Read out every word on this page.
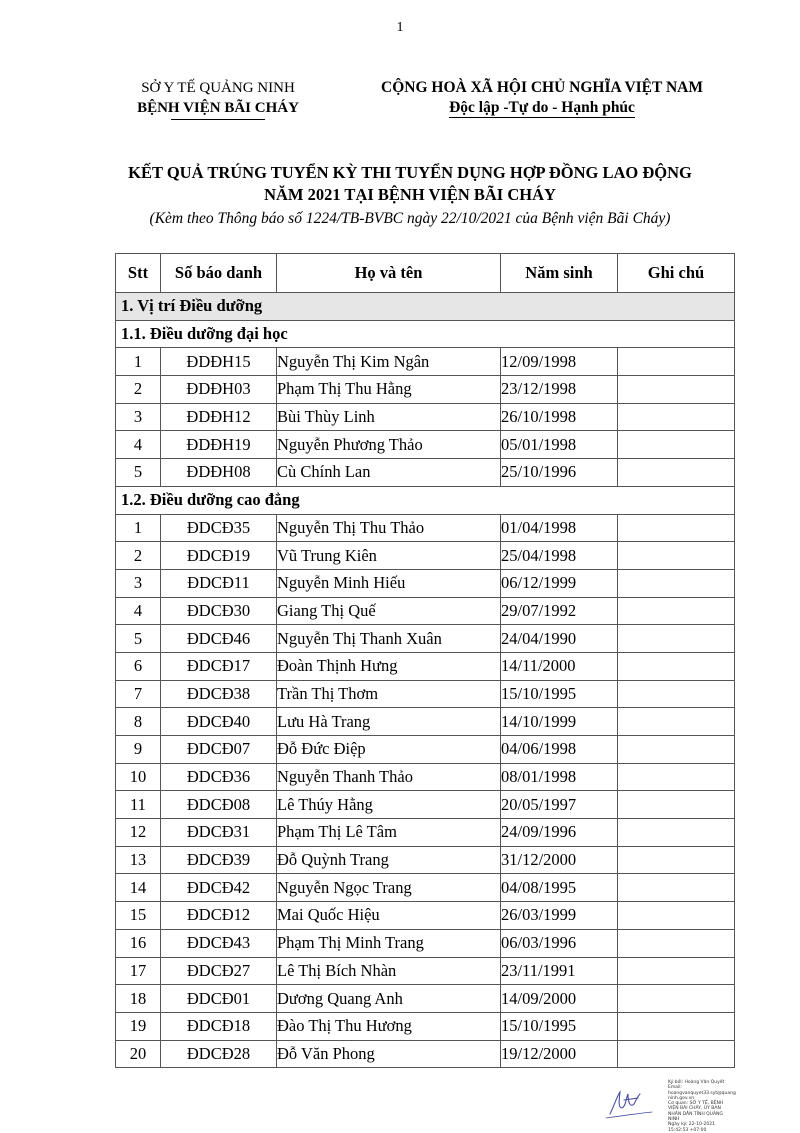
1
SỞ Y TẾ QUẢNG NINH
BỆNH VIỆN BÃI CHÁY
CỘNG HOÀ XÃ HỘI CHỦ NGHĨA VIỆT NAM
Độc lập -Tự do - Hạnh phúc
KẾT QUẢ TRÚNG TUYỂN KỲ THI TUYỂN DỤNG HỢP ĐỒNG LAO ĐỘNG
NĂM 2021 TẠI BỆNH VIỆN BÃI CHÁY
(Kèm theo Thông báo số 1224/TB-BVBC ngày 22/10/2021 của Bệnh viện Bãi Cháy)
Stt	Số báo danh	Họ và tên	Năm sinh	Ghi chú
1. Vị trí Điều dưỡng				
1.1. Điều dưỡng đại học				
1	ĐDĐH15	Nguyễn Thị Kim Ngân	12/09/1998	
2	ĐDĐH03	Phạm Thị Thu Hằng	23/12/1998	
3	ĐDĐH12	Bùi Thùy Linh	26/10/1998	
4	ĐDĐH19	Nguyễn Phương Thảo	05/01/1998	
5	ĐDĐH08	Cù Chính Lan	25/10/1996	
1.2. Điều dưỡng cao đẳng				
1	ĐDCĐ35	Nguyễn Thị Thu Thảo	01/04/1998	
2	ĐDCĐ19	Vũ Trung Kiên	25/04/1998	
3	ĐDCĐ11	Nguyễn Minh Hiếu	06/12/1999	
4	ĐDCĐ30	Giang Thị Quế	29/07/1992	
5	ĐDCĐ46	Nguyễn Thị Thanh Xuân	24/04/1990	
6	ĐDCĐ17	Đoàn Thịnh Hưng	14/11/2000	
7	ĐDCĐ38	Trần Thị Thơm	15/10/1995	
8	ĐDCĐ40	Lưu Hà Trang	14/10/1999	
9	ĐDCĐ07	Đỗ Đức Điệp	04/06/1998	
10	ĐDCĐ36	Nguyễn Thanh Thảo	08/01/1998	
11	ĐDCĐ08	Lê Thúy Hằng	20/05/1997	
12	ĐDCĐ31	Phạm Thị Lê Tâm	24/09/1996	
13	ĐDCĐ39	Đỗ Quỳnh Trang	31/12/2000	
14	ĐDCĐ42	Nguyễn Ngọc Trang	04/08/1995	
15	ĐDCĐ12	Mai Quốc Hiệu	26/03/1999	
16	ĐDCĐ43	Phạm Thị Minh Trang	06/03/1996	
17	ĐDCĐ27	Lê Thị Bích Nhàn	23/11/1991	
18	ĐDCĐ01	Dương Quang Anh	14/09/2000	
19	ĐDCĐ18	Đào Thị Thu Hương	15/10/1995	
20	ĐDCĐ28	Đỗ Văn Phong	19/12/2000	
Ký bởi: Hoàng Văn Quyết
Email:
hoangvanquyet33.syt@quang
ninh.gov.vn
Cơ quan: SỞ Y TẾ, BỆNH
VIỆN BÃI CHÁY, ỦY BAN
NHÂN DÂN TỈNH QUẢNG
NINH
Ngày ký: 22-10-2021
15:42:53 +07:00
